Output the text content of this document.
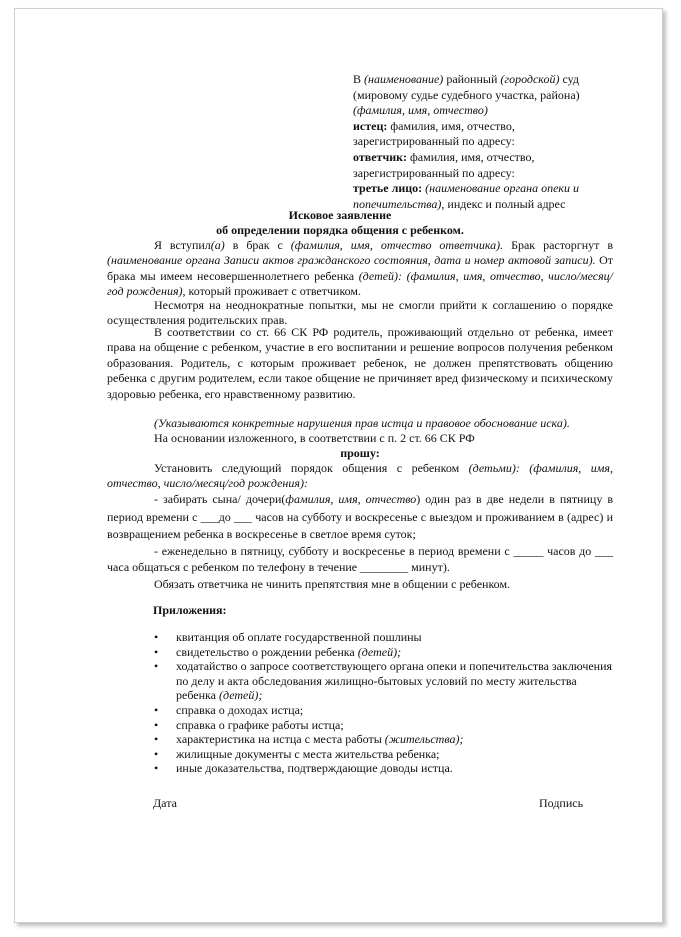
В (наименование) районный (городской) суд
(мировому судье судебного участка, района)
(фамилия, имя, отчество)
истец: фамилия, имя, отчество,
зарегистрированный по адресу:
ответчик: фамилия, имя, отчество,
зарегистрированный по адресу:
третье лицо: (наименование органа опеки и
попечительства), индекс и полный адрес
Исковое заявление
об определении порядка общения с ребенком.
Я вступил(а) в брак с (фамилия, имя, отчество ответчика). Брак расторгнут в (наименование органа Записи актов гражданского состояния, дата и номер актовой записи). От брака мы имеем несовершеннолетнего ребенка (детей): (фамилия, имя, отчество, число/месяц/год рождения), который проживает с ответчиком.
Несмотря на неоднократные попытки, мы не смогли прийти к соглашению о порядке осуществления родительских прав.
В соответствии со ст. 66 СК РФ родитель, проживающий отдельно от ребенка, имеет права на общение с ребенком, участие в его воспитании и решение вопросов получения ребенком образования. Родитель, с которым проживает ребенок, не должен препятствовать общению ребенка с другим родителем, если такое общение не причиняет вред физическому и психическому здоровью ребенка, его нравственному развитию.
(Указываются конкретные нарушения прав истца и правовое обоснование иска).
На основании изложенного, в соответствии с п. 2 ст. 66 СК РФ
прошу:
Установить следующий порядок общения с ребенком (детьми): (фамилия, имя, отчество, число/месяц/год рождения):
- забирать сына/ дочери(фамилия, имя, отчество) один раз в две недели в пятницу в период времени с ___до ___ часов на субботу и воскресенье с выездом и проживанием в (адрес) и возвращением ребенка в воскресенье в светлое время суток;
- еженедельно в пятницу, субботу и воскресенье в период времени с _____ часов до ___ часа общаться с ребенком по телефону в течение ________ минут).
Обязать ответчика не чинить препятствия мне в общении с ребенком.
Приложения:
• квитанция об оплате государственной пошлины
• свидетельство о рождении ребенка (детей);
• ходатайство о запросе соответствующего органа опеки и попечительства заключения по делу и акта обследования жилищно-бытовых условий по месту жительства ребенка (детей);
• справка о доходах истца;
• справка о графике работы истца;
• характеристика на истца с места работы (жительства);
• жилищные документы с места жительства ребенка;
• иные доказательства, подтверждающие доводы истца.
Дата	Подпись
